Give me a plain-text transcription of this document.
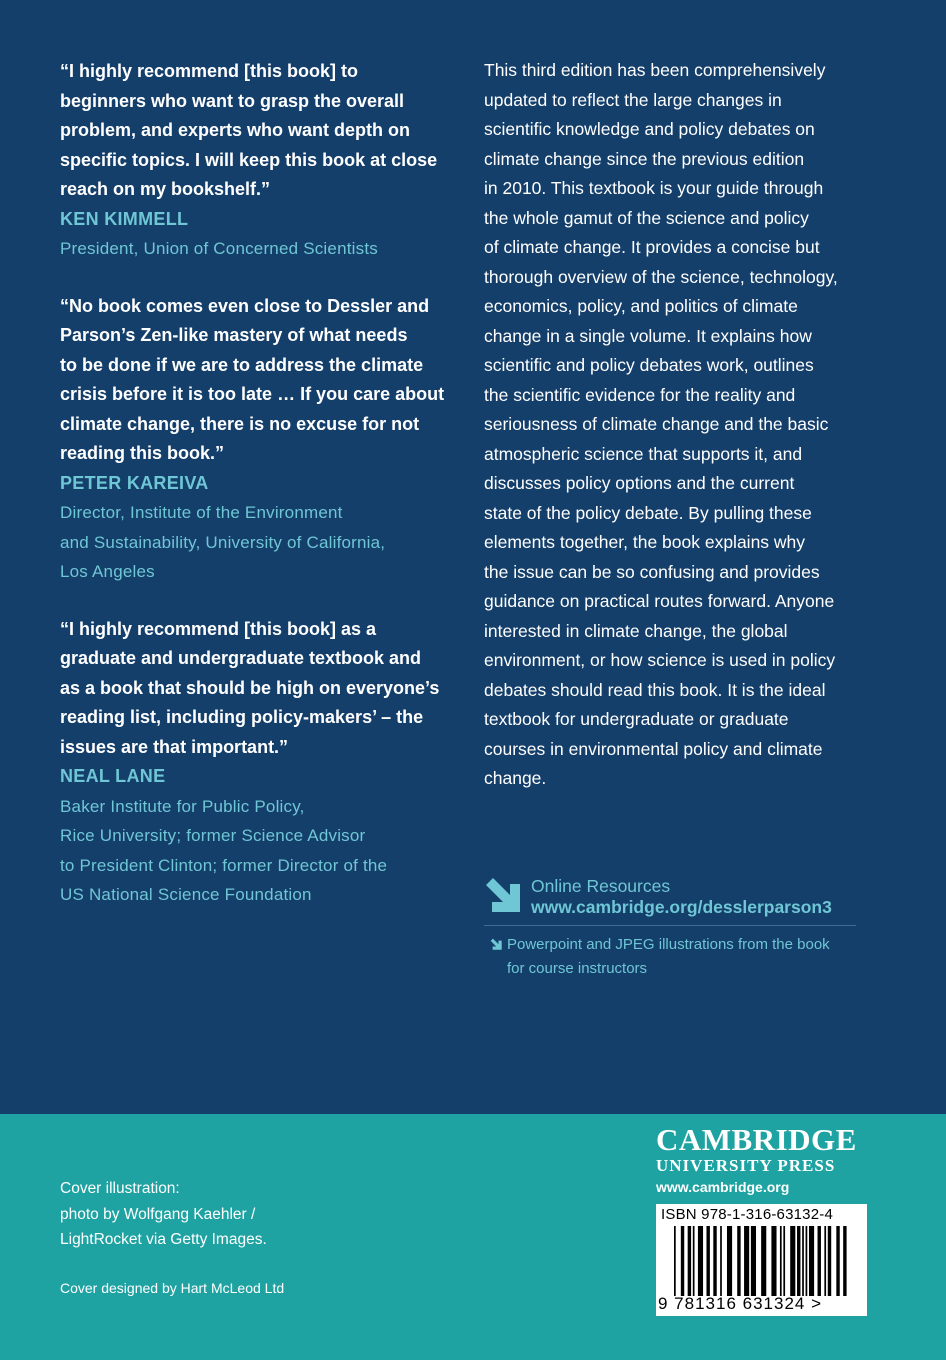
“I highly recommend [this book] to
beginners who want to grasp the overall
problem, and experts who want depth on
specific topics. I will keep this book at close
reach on my bookshelf.”

KEN KIMMELL

President, Union of Concerned Scientists

“No book comes even close to Dessler and
Parson’s Zen-like mastery of what needs
to be done if we are to address the climate
crisis before it is too late … If you care about
climate change, there is no excuse for not
reading this book.”

PETER KAREIVA

Director, Institute of the Environment
and Sustainability, University of California,
Los Angeles

“I highly recommend [this book] as a
graduate and undergraduate textbook and
as a book that should be high on everyone’s
reading list, including policy-makers’ – the
issues are that important.”

NEAL LANE

Baker Institute for Public Policy,
Rice University; former Science Advisor
to President Clinton; former Director of the
US National Science Foundation

This third edition has been comprehensively
updated to reflect the large changes in
scientific knowledge and policy debates on
climate change since the previous edition
in 2010. This textbook is your guide through
the whole gamut of the science and policy
of climate change. It provides a concise but
thorough overview of the science, technology,
economics, policy, and politics of climate
change in a single volume. It explains how
scientific and policy debates work, outlines
the scientific evidence for the reality and
seriousness of climate change and the basic
atmospheric science that supports it, and
discusses policy options and the current
state of the policy debate. By pulling these
elements together, the book explains why
the issue can be so confusing and provides
guidance on practical routes forward. Anyone
interested in climate change, the global
environment, or how science is used in policy
debates should read this book. It is the ideal
textbook for undergraduate or graduate
courses in environmental policy and climate
change.

Online Resources
www.cambridge.org/desslerparson3
Powerpoint and JPEG illustrations from the book
for course instructors

Cover illustration:
photo by Wolfgang Kaehler /
LightRocket via Getty Images.

Cover designed by Hart McLeod Ltd

CAMBRIDGE
UNIVERSITY PRESS
www.cambridge.org
ISBN 978-1-316-63132-4
9 781316 631324 >
